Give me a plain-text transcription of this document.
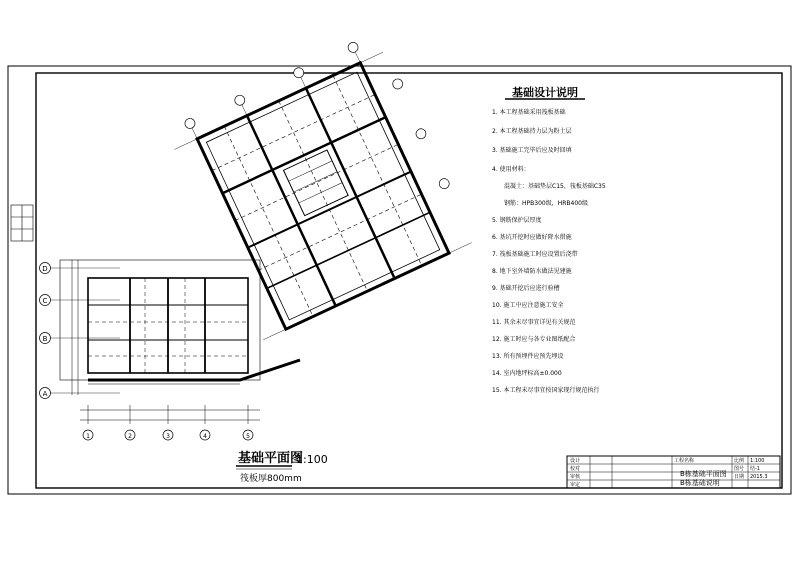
D
C
B
A
1	2	3	4	5
基础平面图
1:100
筏板厚800mm
基础设计说明
1. 本工程基础采用筏板基础
2. 本工程基础持力层为粉土层
3. 基础施工完毕后应及时回填
4. 使用材料：
混凝土：基础垫层C15，筏板基础C35
钢筋：HPB300级，HRB400级
5. 钢筋保护层厚度
6. 基坑开挖时应做好降水措施
7. 筏板基础施工时应设置后浇带
8. 地下室外墙防水做法见建施
9. 基础开挖后应进行验槽
10. 施工中应注意施工安全
11. 其余未尽事宜详见有关规范
12. 施工时应与各专业图纸配合
13. 所有预埋件应预先埋设
14. 室内地坪标高±0.000
15. 本工程未尽事宜按国家现行规范执行
工程名称
B栋基础平面图
B栋基础说明
设计
校对
审核
审定
比例 1:100
图号 结-1
日期 2015.3
